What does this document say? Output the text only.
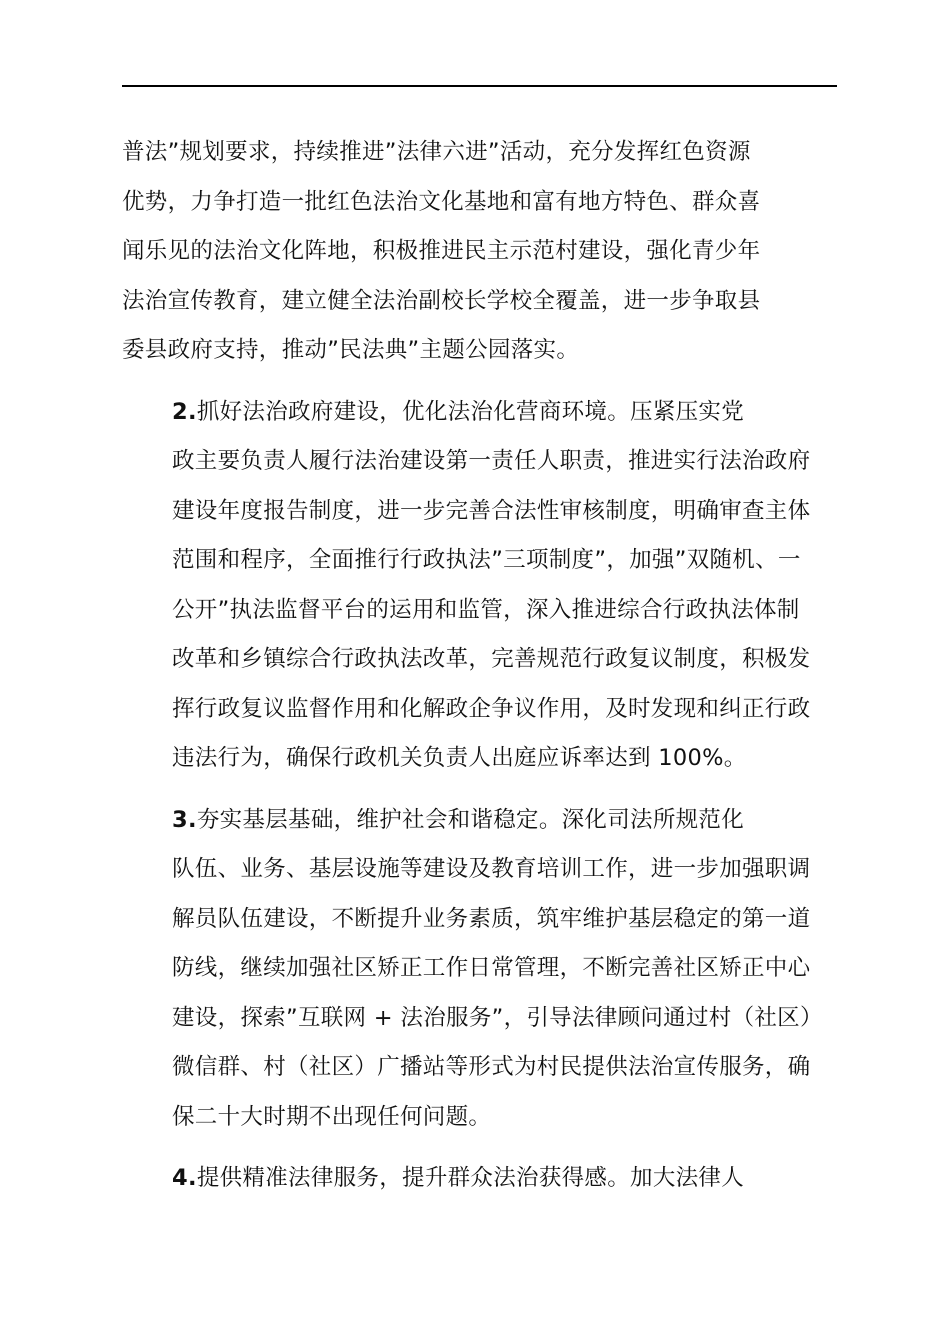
普法”规划要求，持续推进”法律六进”活动，充分发挥红色资源
优势，力争打造一批红色法治文化基地和富有地方特色、群众喜
闻乐见的法治文化阵地，积极推进民主示范村建设，强化青少年
法治宣传教育，建立健全法治副校长学校全覆盖，进一步争取县
委县政府支持，推动”民法典”主题公园落实。

2.抓好法治政府建设，优化法治化营商环境。压紧压实党
政主要负责人履行法治建设第一责任人职责，推进实行法治政府
建设年度报告制度，进一步完善合法性审核制度，明确审查主体
范围和程序，全面推行行政执法”三项制度”，加强”双随机、一
公开”执法监督平台的运用和监管，深入推进综合行政执法体制
改革和乡镇综合行政执法改革，完善规范行政复议制度，积极发
挥行政复议监督作用和化解政企争议作用，及时发现和纠正行政
违法行为，确保行政机关负责人出庭应诉率达到 100%。

3.夯实基层基础，维护社会和谐稳定。深化司法所规范化
队伍、业务、基层设施等建设及教育培训工作，进一步加强职调
解员队伍建设，不断提升业务素质，筑牢维护基层稳定的第一道
防线，继续加强社区矫正工作日常管理，不断完善社区矫正中心
建设，探索”互联网 + 法治服务”，引导法律顾问通过村（社区）
微信群、村（社区）广播站等形式为村民提供法治宣传服务，确
保二十大时期不出现任何问题。

4.提供精准法律服务，提升群众法治获得感。加大法律人
